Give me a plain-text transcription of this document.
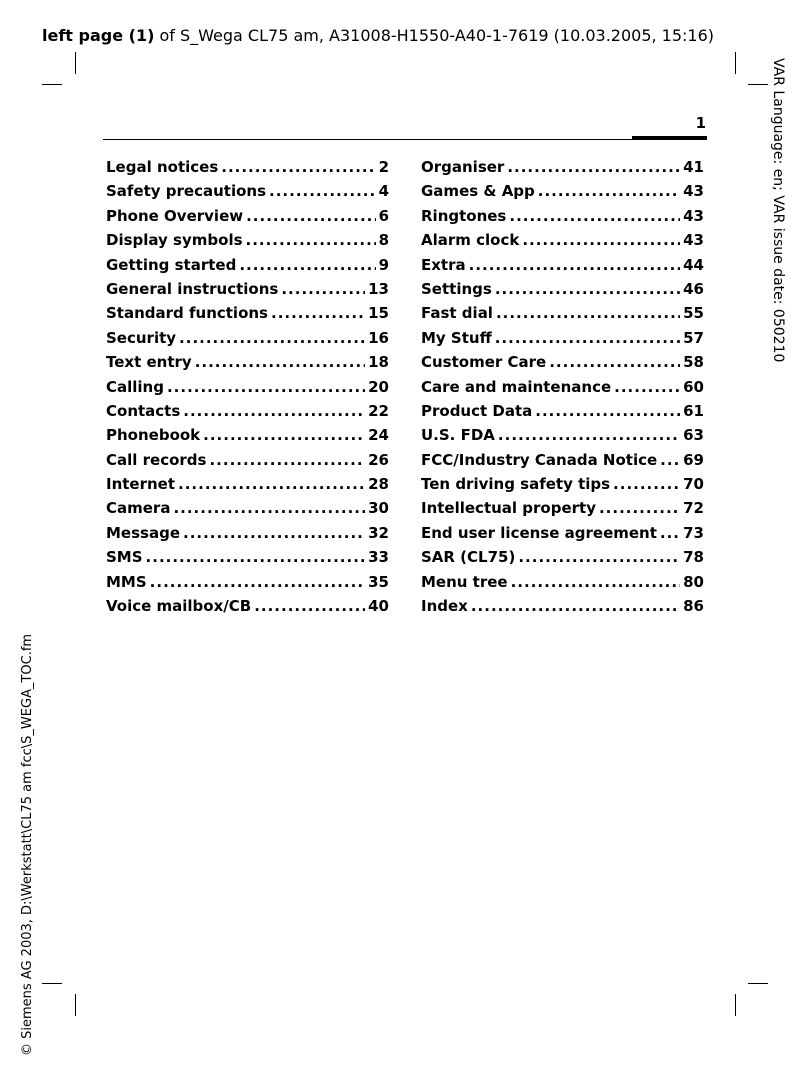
left page (1) of S_Wega CL75 am, A31008-H1550-A40-1-7619 (10.03.2005, 15:16)
VAR Language: en; VAR issue date: 050210
© Siemens AG 2003, D:\Werkstatt\CL75 am fcc\S_WEGA_TOC.fm
1
Legal notices .....	2
Safety precautions .....	4
Phone Overview .....	6
Display symbols .....	8
Getting started .....	9
General instructions .....	13
Standard functions .....	15
Security .....	16
Text entry .....	18
Calling .....	20
Contacts .....	22
Phonebook .....	24
Call records .....	26
Internet .....	28
Camera .....	30
Message .....	32
SMS .....	33
MMS .....	35
Voice mailbox/CB .....	40
Organiser .....	41
Games & App .....	43
Ringtones .....	43
Alarm clock .....	43
Extra .....	44
Settings .....	46
Fast dial .....	55
My Stuff .....	57
Customer Care .....	58
Care and maintenance .....	60
Product Data .....	61
U.S. FDA .....	63
FCC/Industry Canada Notice ..... 69
Ten driving safety tips .....	70
Intellectual property .....	72
End user license agreement ..... 73
SAR (CL75) .....	78
Menu tree .....	80
Index .....	86
